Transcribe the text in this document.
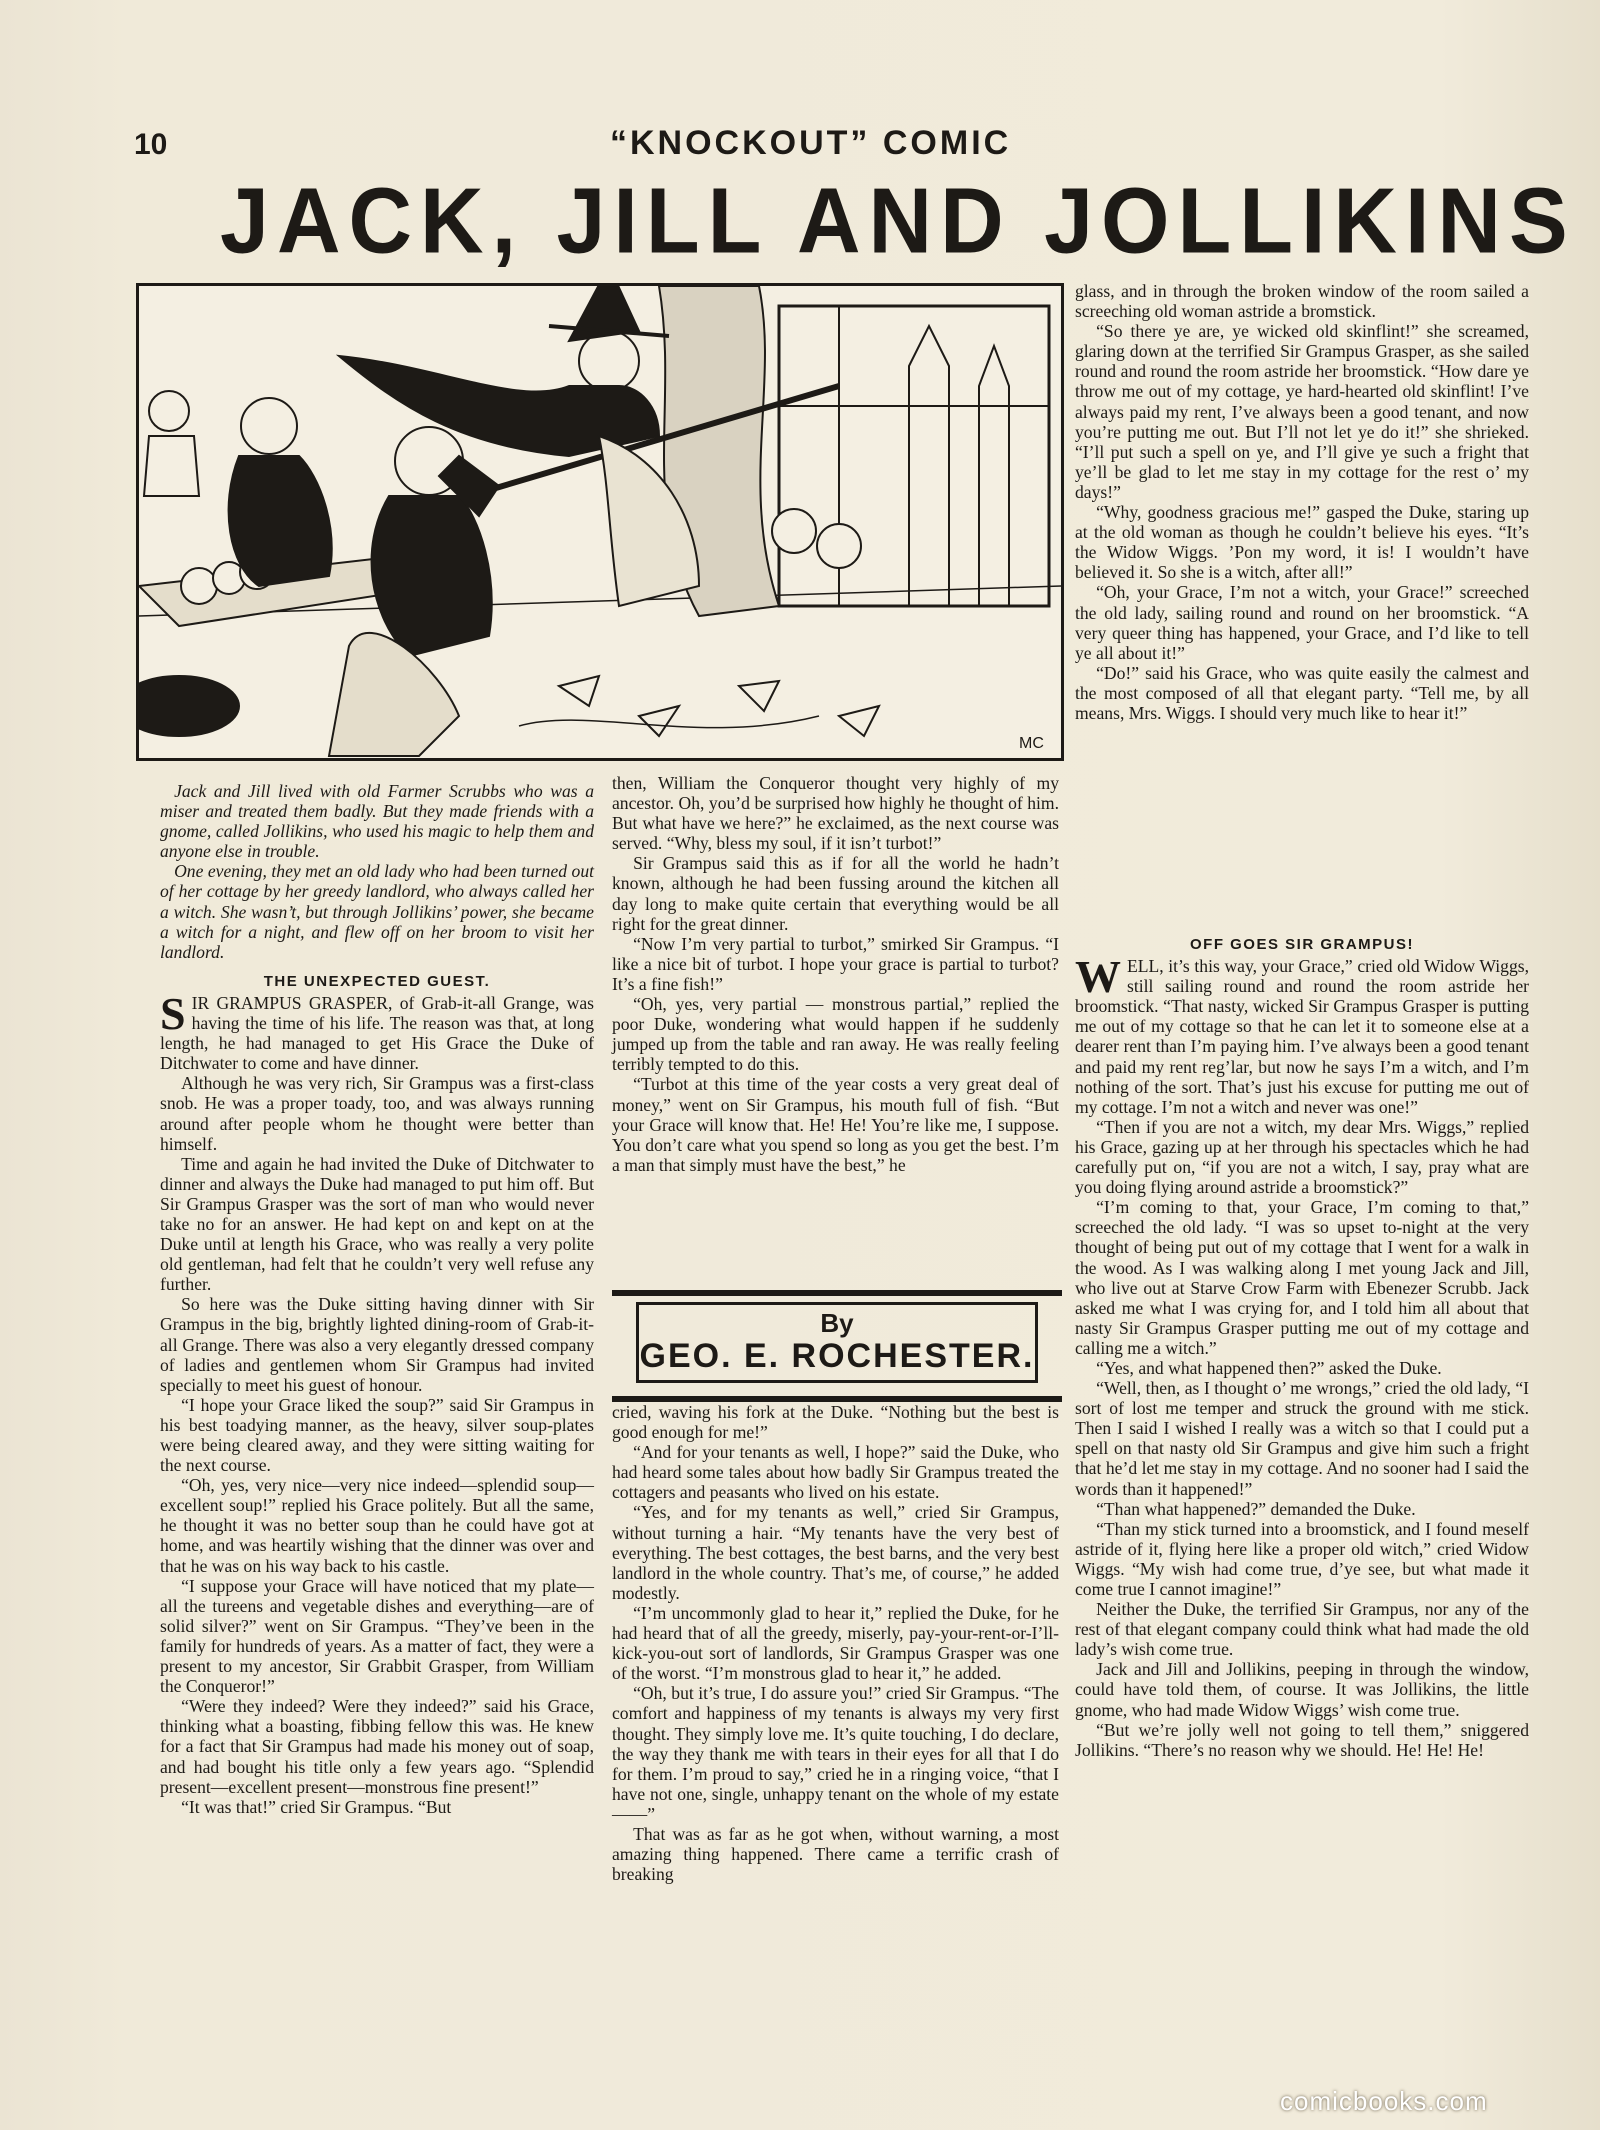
10	“KNOCKOUT” COMIC
JACK, JILL AND JOLLIKINS
MC

Jack and Jill lived with old Farmer Scrubbs who was a miser and treated them badly. But they made friends with a gnome, called Jollikins, who used his magic to help them and anyone else in trouble.

One evening, they met an old lady who had been turned out of her cottage by her greedy landlord, who always called her a witch. She wasn’t, but through Jollikins’ power, she became a witch for a night, and flew off on her broom to visit her landlord.

THE UNEXPECTED GUEST.

SIR GRAMPUS GRASPER, of Grab-it-all Grange, was having the time of his life. The reason was that, at long length, he had managed to get His Grace the Duke of Ditchwater to come and have dinner.

Although he was very rich, Sir Grampus was a first-class snob. He was a proper toady, too, and was always running around after people whom he thought were better than himself.

Time and again he had invited the Duke of Ditchwater to dinner and always the Duke had managed to put him off. But Sir Grampus Grasper was the sort of man who would never take no for an answer. He had kept on and kept on at the Duke until at length his Grace, who was really a very polite old gentleman, had felt that he couldn’t very well refuse any further.

So here was the Duke sitting having dinner with Sir Grampus in the big, brightly lighted dining-room of Grab-it-all Grange. There was also a very elegantly dressed company of ladies and gentlemen whom Sir Grampus had invited specially to meet his guest of honour.

“I hope your Grace liked the soup?” said Sir Grampus in his best toadying manner, as the heavy, silver soup-plates were being cleared away, and they were sitting waiting for the next course.

“Oh, yes, very nice—very nice indeed—splendid soup—excellent soup!” replied his Grace politely. But all the same, he thought it was no better soup than he could have got at home, and was heartily wishing that the dinner was over and that he was on his way back to his castle.

“I suppose your Grace will have noticed that my plate—all the tureens and vegetable dishes and everything—are of solid silver?” went on Sir Grampus. “They’ve been in the family for hundreds of years. As a matter of fact, they were a present to my ancestor, Sir Grabbit Grasper, from William the Conqueror!”

“Were they indeed? Were they indeed?” said his Grace, thinking what a boasting, fibbing fellow this was. He knew for a fact that Sir Grampus had made his money out of soap, and had bought his title only a few years ago. “Splendid present—excellent present—monstrous fine present!”

“It was that!” cried Sir Grampus. “But

then, William the Conqueror thought very highly of my ancestor. Oh, you’d be surprised how highly he thought of him. But what have we here?” he exclaimed, as the next course was served. “Why, bless my soul, if it isn’t turbot!”

Sir Grampus said this as if for all the world he hadn’t known, although he had been fussing around the kitchen all day long to make quite certain that everything would be all right for the great dinner.

“Now I’m very partial to turbot,” smirked Sir Grampus. “I like a nice bit of turbot. I hope your grace is partial to turbot? It’s a fine fish!”

“Oh, yes, very partial — monstrous partial,” replied the poor Duke, wondering what would happen if he suddenly jumped up from the table and ran away. He was really feeling terribly tempted to do this.

“Turbot at this time of the year costs a very great deal of money,” went on Sir Grampus, his mouth full of fish. “But your Grace will know that. He! He! You’re like me, I suppose. You don’t care what you spend so long as you get the best. I’m a man that simply must have the best,” he

By
GEO. E. ROCHESTER.

cried, waving his fork at the Duke. “Nothing but the best is good enough for me!”

“And for your tenants as well, I hope?” said the Duke, who had heard some tales about how badly Sir Grampus treated the cottagers and peasants who lived on his estate.

“Yes, and for my tenants as well,” cried Sir Grampus, without turning a hair. “My tenants have the very best of everything. The best cottages, the best barns, and the very best landlord in the whole country. That’s me, of course,” he added modestly.

“I’m uncommonly glad to hear it,” replied the Duke, for he had heard that of all the greedy, miserly, pay-your-rent-or-I’ll-kick-you-out sort of landlords, Sir Grampus Grasper was one of the worst. “I’m monstrous glad to hear it,” he added.

“Oh, but it’s true, I do assure you!” cried Sir Grampus. “The comfort and happiness of my tenants is always my very first thought. They simply love me. It’s quite touching, I do declare, the way they thank me with tears in their eyes for all that I do for them. I’m proud to say,” cried he in a ringing voice, “that I have not one, single, unhappy tenant on the whole of my estate——”

That was as far as he got when, without warning, a most amazing thing happened. There came a terrific crash of breaking

glass, and in through the broken window of the room sailed a screeching old woman astride a bromstick.

“So there ye are, ye wicked old skinflint!” she screamed, glaring down at the terrified Sir Grampus Grasper, as she sailed round and round the room astride her broomstick. “How dare ye throw me out of my cottage, ye hard-hearted old skinflint! I’ve always paid my rent, I’ve always been a good tenant, and now you’re putting me out. But I’ll not let ye do it!” she shrieked. “I’ll put such a spell on ye, and I’ll give ye such a fright that ye’ll be glad to let me stay in my cottage for the rest o’ my days!”

“Why, goodness gracious me!” gasped the Duke, staring up at the old woman as though he couldn’t believe his eyes. “It’s the Widow Wiggs. ’Pon my word, it is! I wouldn’t have believed it. So she is a witch, after all!”

“Oh, your Grace, I’m not a witch, your Grace!” screeched the old lady, sailing round and round on her broomstick. “A very queer thing has happened, your Grace, and I’d like to tell ye all about it!”

“Do!” said his Grace, who was quite easily the calmest and the most composed of all that elegant party. “Tell me, by all means, Mrs. Wiggs. I should very much like to hear it!”

OFF GOES SIR GRAMPUS!

WELL, it’s this way, your Grace,” cried old Widow Wiggs, still sailing round and round the room astride her broomstick. “That nasty, wicked Sir Grampus Grasper is putting me out of my cottage so that he can let it to someone else at a dearer rent than I’m paying him. I’ve always been a good tenant and paid my rent reg’lar, but now he says I’m a witch, and I’m nothing of the sort. That’s just his excuse for putting me out of my cottage. I’m not a witch and never was one!”

“Then if you are not a witch, my dear Mrs. Wiggs,” replied his Grace, gazing up at her through his spectacles which he had carefully put on, “if you are not a witch, I say, pray what are you doing flying around astride a broomstick?”

“I’m coming to that, your Grace, I’m coming to that,” screeched the old lady. “I was so upset to-night at the very thought of being put out of my cottage that I went for a walk in the wood. As I was walking along I met young Jack and Jill, who live out at Starve Crow Farm with Ebenezer Scrubb. Jack asked me what I was crying for, and I told him all about that nasty Sir Grampus Grasper putting me out of my cottage and calling me a witch.”

“Yes, and what happened then?” asked the Duke.

“Well, then, as I thought o’ me wrongs,” cried the old lady, “I sort of lost me temper and struck the ground with me stick. Then I said I wished I really was a witch so that I could put a spell on that nasty old Sir Grampus and give him such a fright that he’d let me stay in my cottage. And no sooner had I said the words than it happened!”

“Than what happened?” demanded the Duke.

“Than my stick turned into a broomstick, and I found meself astride of it, flying here like a proper old witch,” cried Widow Wiggs. “My wish had come true, d’ye see, but what made it come true I cannot imagine!”

Neither the Duke, the terrified Sir Grampus, nor any of the rest of that elegant company could think what had made the old lady’s wish come true.

Jack and Jill and Jollikins, peeping in through the window, could have told them, of course. It was Jollikins, the little gnome, who had made Widow Wiggs’ wish come true.

“But we’re jolly well not going to tell them,” sniggered Jollikins. “There’s no reason why we should. He! He! He!

comicbooks.com
